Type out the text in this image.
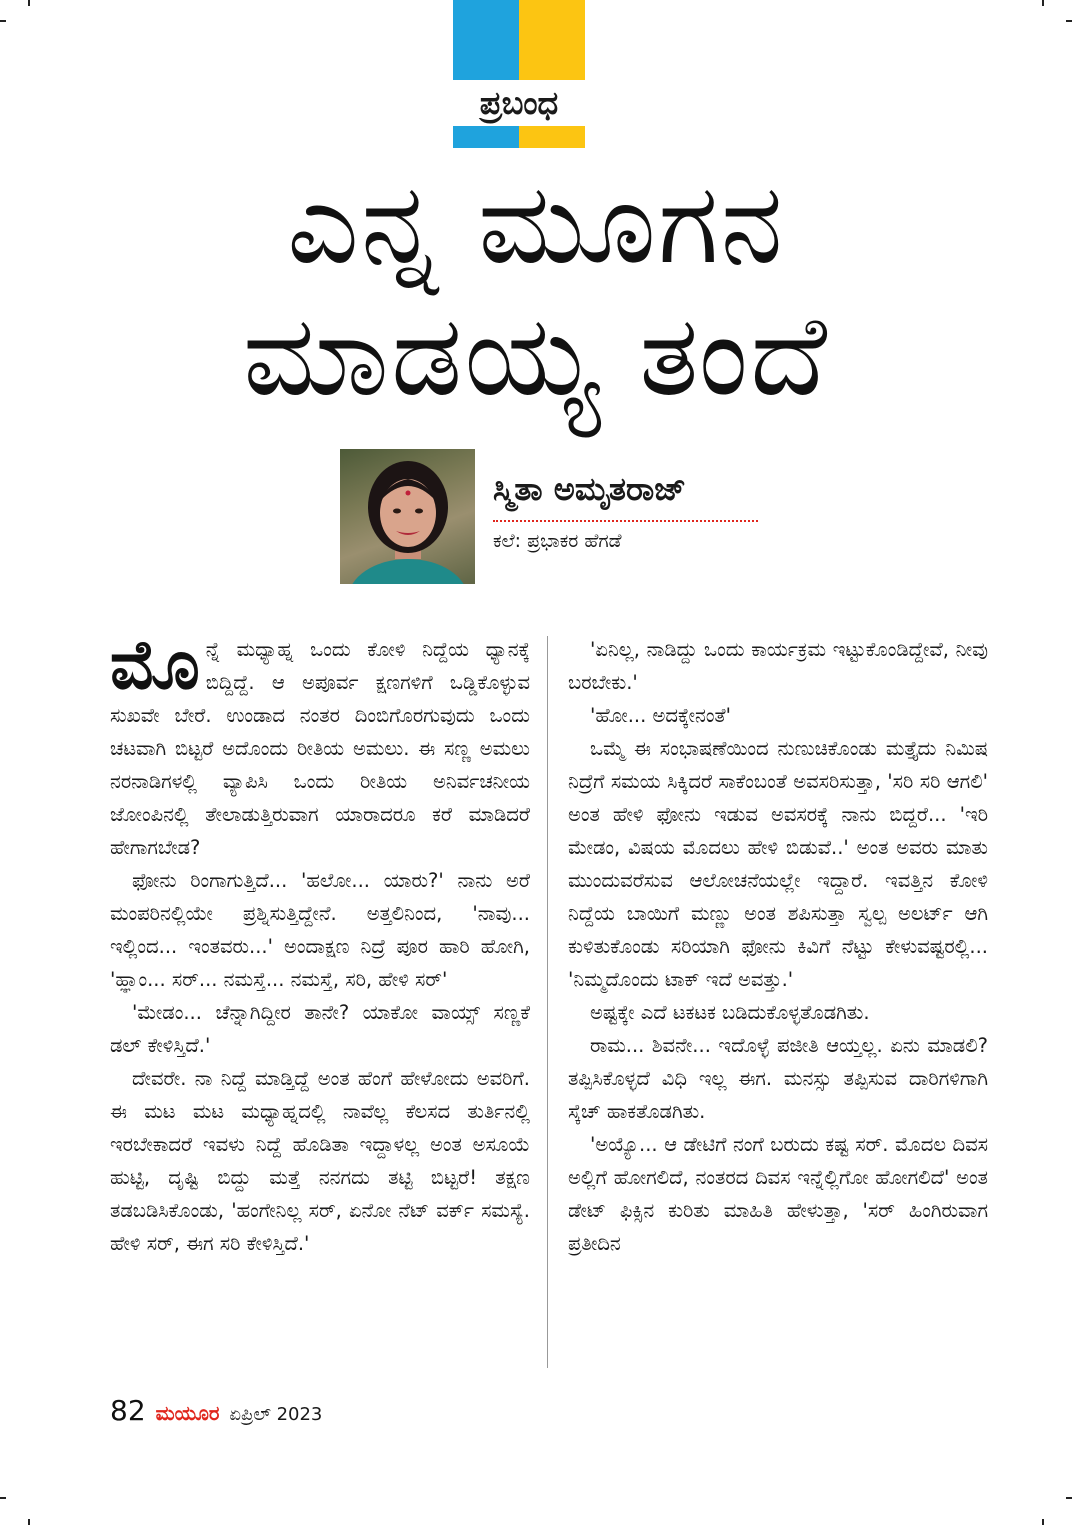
ಪ್ರಬಂಧ
ಎನ್ನ ಮೂಗನ
ಮಾಡಯ್ಯ ತಂದೆ
ಸ್ಮಿತಾ ಅಮೃತರಾಜ್
ಕಲೆ: ಪ್ರಭಾಕರ ಹೆಗಡೆ

ಮೊನ್ನೆ ಮಧ್ಯಾಹ್ನ ಒಂದು ಕೋಳಿ ನಿದ್ದೆಯ ಧ್ಯಾನಕ್ಕೆ ಬಿದ್ದಿದ್ದೆ. ಆ ಅಪೂರ್ವ ಕ್ಷಣಗಳಿಗೆ ಒಡ್ಡಿಕೊಳ್ಳುವ ಸುಖವೇ ಬೇರೆ. ಉಂಡಾದ ನಂತರ ದಿಂಬಿಗೊರಗುವುದು ಒಂದು ಚಟವಾಗಿ ಬಿಟ್ಟರೆ ಅದೊಂದು ರೀತಿಯ ಅಮಲು. ಈ ಸಣ್ಣ ಅಮಲು ನರನಾಡಿಗಳಲ್ಲಿ ವ್ಯಾಪಿಸಿ ಒಂದು ರೀತಿಯ ಅನಿರ್ವಚನೀಯ ಜೋಂಪಿನಲ್ಲಿ ತೇಲಾಡುತ್ತಿರುವಾಗ ಯಾರಾದರೂ ಕರೆ ಮಾಡಿದರೆ ಹೇಗಾಗಬೇಡ?

ಫೋನು ರಿಂಗಾಗುತ್ತಿದೆ... 'ಹಲೋ... ಯಾರು?' ನಾನು ಅರೆ ಮಂಪರಿನಲ್ಲಿಯೇ ಪ್ರಶ್ನಿಸುತ್ತಿದ್ದೇನೆ. ಅತ್ತಲಿನಿಂದ, 'ನಾವು... ಇಲ್ಲಿಂದ... ಇಂತವರು...' ಅಂದಾಕ್ಷಣ ನಿದ್ರೆ ಪೂರ ಹಾರಿ ಹೋಗಿ, 'ಹ್ಞಾಂ... ಸರ್... ನಮಸ್ತೆ... ನಮಸ್ತೆ, ಸರಿ, ಹೇಳಿ ಸರ್'

'ಮೇಡಂ... ಚೆನ್ನಾಗಿದ್ದೀರ ತಾನೇ? ಯಾಕೋ ವಾಯ್ಸ್ ಸಣ್ಣಕೆ ಡಲ್ ಕೇಳಿಸ್ತಿದೆ.'

ದೇವರೇ. ನಾ ನಿದ್ದೆ ಮಾಡ್ತಿದ್ದೆ ಅಂತ ಹೆಂಗೆ ಹೇಳೋದು ಅವರಿಗೆ. ಈ ಮಟ ಮಟ ಮಧ್ಯಾಹ್ನದಲ್ಲಿ ನಾವೆಲ್ಲ ಕೆಲಸದ ತುರ್ತಿನಲ್ಲಿ ಇರಬೇಕಾದರೆ ಇವಳು ನಿದ್ದೆ ಹೊಡಿತಾ ಇದ್ದಾಳಲ್ಲ ಅಂತ ಅಸೂಯೆ ಹುಟ್ಟಿ, ದೃಷ್ಟಿ ಬಿದ್ದು ಮತ್ತೆ ನನಗದು ತಟ್ಟಿ ಬಿಟ್ಟರೆ! ತಕ್ಷಣ ತಡಬಡಿಸಿಕೊಂಡು, 'ಹಂಗೇನಿಲ್ಲ ಸರ್, ಏನೋ ನೆಟ್ ವರ್ಕ್ ಸಮಸ್ಯೆ. ಹೇಳಿ ಸರ್, ಈಗ ಸರಿ ಕೇಳಿಸ್ತಿದೆ.'

'ಏನಿಲ್ಲ, ನಾಡಿದ್ದು ಒಂದು ಕಾರ್ಯಕ್ರಮ ಇಟ್ಟುಕೊಂಡಿದ್ದೇವೆ, ನೀವು ಬರಬೇಕು.'

'ಹೋ... ಅದಕ್ಕೇನಂತೆ'

ಒಮ್ಮೆ ಈ ಸಂಭಾಷಣೆಯಿಂದ ನುಣುಚಿಕೊಂಡು ಮತ್ತೈದು ನಿಮಿಷ ನಿದ್ರೆಗೆ ಸಮಯ ಸಿಕ್ಕಿದರೆ ಸಾಕೆಂಬಂತೆ ಅವಸರಿಸುತ್ತಾ, 'ಸರಿ ಸರಿ ಆಗಲಿ' ಅಂತ ಹೇಳಿ ಫೋನು ಇಡುವ ಅವಸರಕ್ಕೆ ನಾನು ಬಿದ್ದರೆ... 'ಇರಿ ಮೇಡಂ, ವಿಷಯ ಮೊದಲು ಹೇಳಿ ಬಿಡುವೆ..' ಅಂತ ಅವರು ಮಾತು ಮುಂದುವರೆಸುವ ಆಲೋಚನೆಯಲ್ಲೇ ಇದ್ದಾರೆ. ಇವತ್ತಿನ ಕೋಳಿ ನಿದ್ದೆಯ ಬಾಯಿಗೆ ಮಣ್ಣು ಅಂತ ಶಪಿಸುತ್ತಾ ಸ್ವಲ್ಪ ಅಲರ್ಟ್ ಆಗಿ ಕುಳಿತುಕೊಂಡು ಸರಿಯಾಗಿ ಫೋನು ಕಿವಿಗೆ ನೆಟ್ಟು ಕೇಳುವಷ್ಟರಲ್ಲಿ... 'ನಿಮ್ಮದೊಂದು ಟಾಕ್ ಇದೆ ಅವತ್ತು.'

ಅಷ್ಟಕ್ಕೇ ಎದೆ ಟಕಟಕ ಬಡಿದುಕೊಳ್ಳತೊಡಗಿತು.

ರಾಮ... ಶಿವನೇ... ಇದೊಳ್ಳೆ ಪಜೀತಿ ಆಯ್ತಲ್ಲ. ಏನು ಮಾಡಲಿ? ತಪ್ಪಿಸಿಕೊಳ್ಳದೆ ವಿಧಿ ಇಲ್ಲ ಈಗ. ಮನಸ್ಸು ತಪ್ಪಿಸುವ ದಾರಿಗಳಿಗಾಗಿ ಸ್ಕೆಚ್ ಹಾಕತೊಡಗಿತು.

'ಅಯ್ಯೊ... ಆ ಡೇಟಿಗೆ ನಂಗೆ ಬರುದು ಕಷ್ಟ ಸರ್. ಮೊದಲ ದಿವಸ ಅಲ್ಲಿಗೆ ಹೋಗಲಿದೆ, ನಂತರದ ದಿವಸ ಇನ್ನೆಲ್ಲಿಗೋ ಹೋಗಲಿದೆ' ಅಂತ ಡೇಟ್ ಫಿಕ್ಸಿನ ಕುರಿತು ಮಾಹಿತಿ ಹೇಳುತ್ತಾ, 'ಸರ್ ಹಿಂಗಿರುವಾಗ ಪ್ರತೀದಿನ

82 ಮಯೂರ ಏಪ್ರಿಲ್ 2023
